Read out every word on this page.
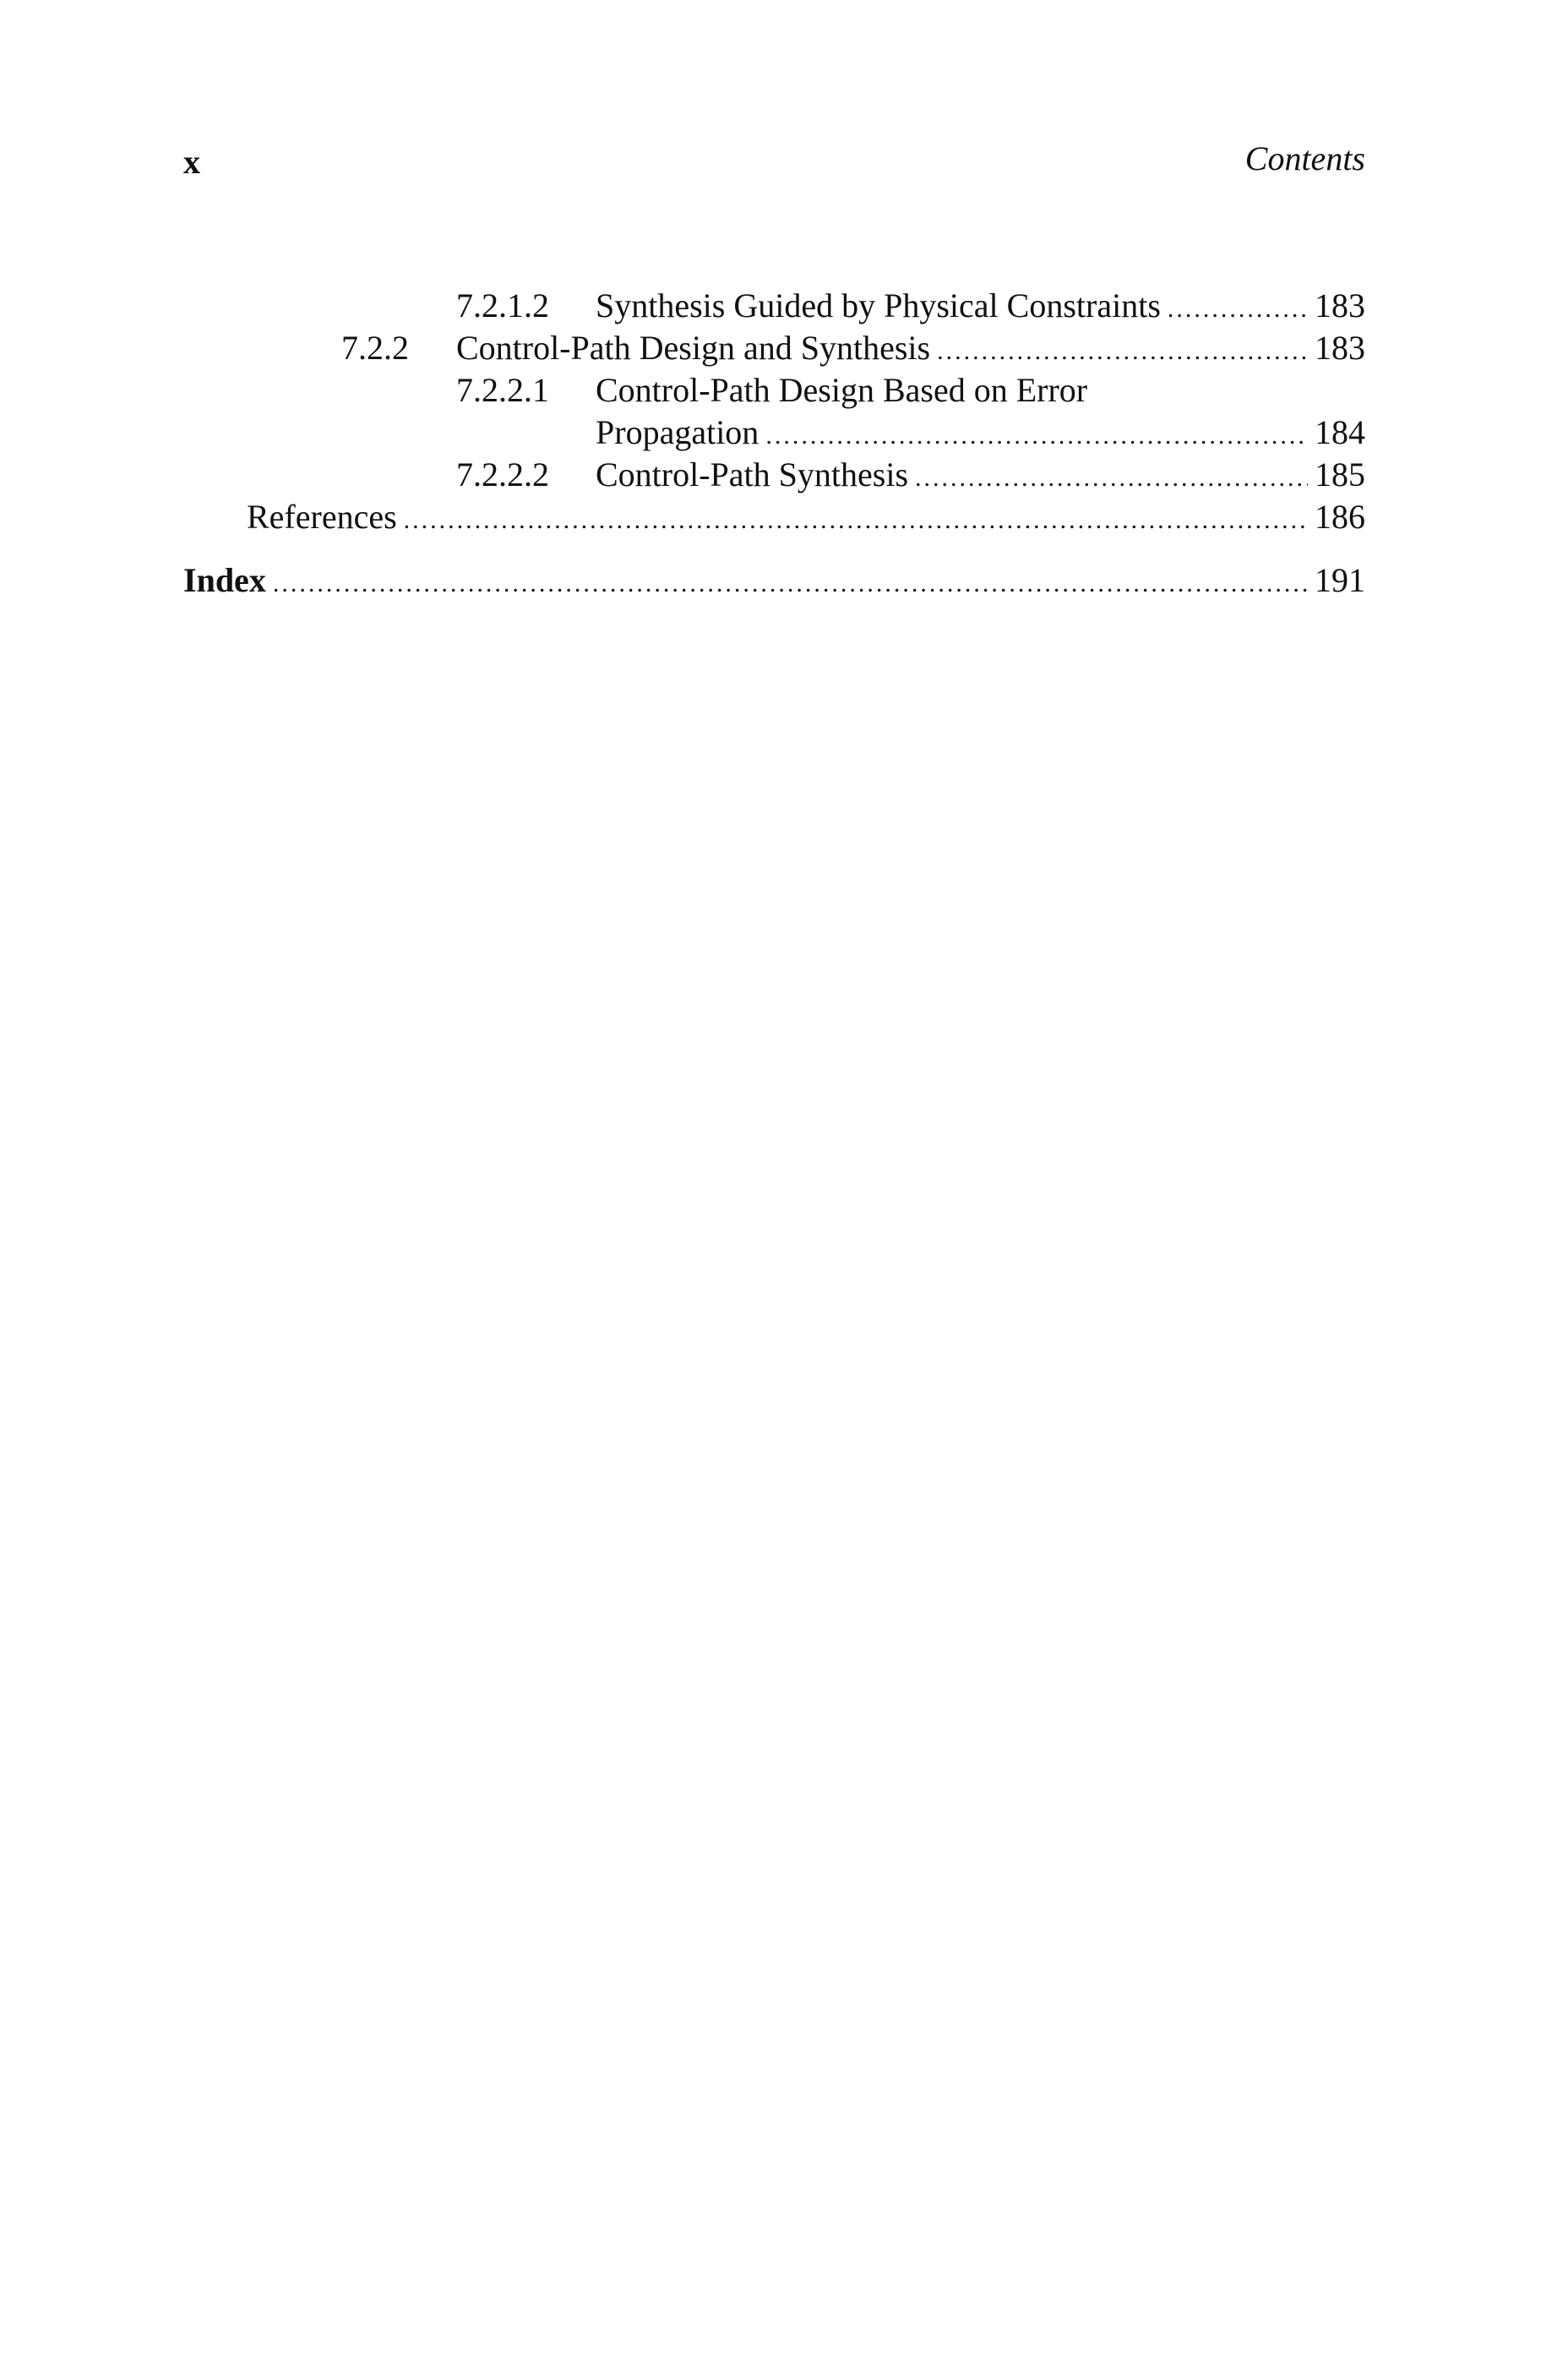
x	Contents
7.2.1.2	Synthesis Guided by Physical Constraints .....	183
7.2.2	Control-Path Design and Synthesis .....	183
7.2.2.1	Control-Path Design Based on Error
Propagation .....	184
7.2.2.2	Control-Path Synthesis .....	185
References .....	186
Index .....	191
